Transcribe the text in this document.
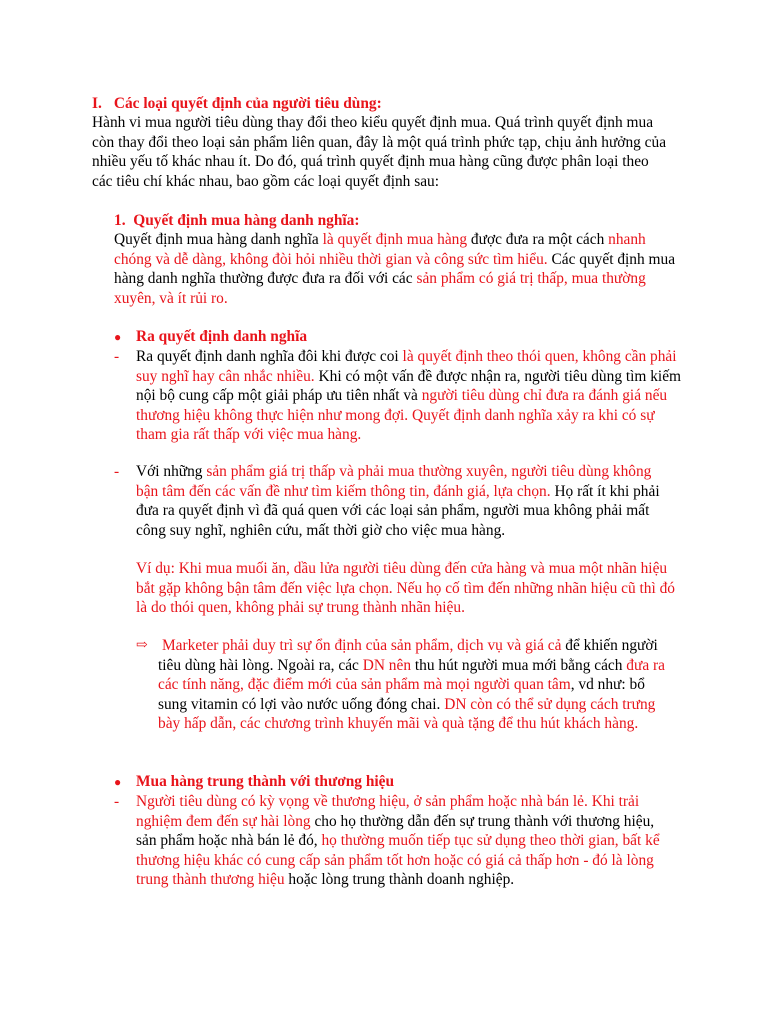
I. Các loại quyết định của người tiêu dùng:

Hành vi mua người tiêu dùng thay đổi theo kiểu quyết định mua. Quá trình quyết định mua còn thay đổi theo loại sản phẩm liên quan, đây là một quá trình phức tạp, chịu ảnh hưởng của nhiều yếu tố khác nhau ít. Do đó, quá trình quyết định mua hàng cũng được phân loại theo các tiêu chí khác nhau, bao gồm các loại quyết định sau:

1. Quyết định mua hàng danh nghĩa:

Quyết định mua hàng danh nghĩa là quyết định mua hàng được đưa ra một cách nhanh chóng và dễ dàng, không đòi hỏi nhiều thời gian và công sức tìm hiểu. Các quyết định mua hàng danh nghĩa thường được đưa ra đối với các sản phẩm có giá trị thấp, mua thường xuyên, và ít rủi ro.

● Ra quyết định danh nghĩa
- Ra quyết định danh nghĩa đôi khi được coi là quyết định theo thói quen, không cần phải suy nghĩ hay cân nhắc nhiều. Khi có một vấn đề được nhận ra, người tiêu dùng tìm kiếm nội bộ cung cấp một giải pháp ưu tiên nhất và người tiêu dùng chỉ đưa ra đánh giá nếu thương hiệu không thực hiện như mong đợi. Quyết định danh nghĩa xảy ra khi có sự tham gia rất thấp với việc mua hàng.

- Với những sản phẩm giá trị thấp và phải mua thường xuyên, người tiêu dùng không bận tâm đến các vấn đề như tìm kiếm thông tin, đánh giá, lựa chọn. Họ rất ít khi phải đưa ra quyết định vì đã quá quen với các loại sản phẩm, người mua không phải mất công suy nghĩ, nghiên cứu, mất thời giờ cho việc mua hàng.

Ví dụ: Khi mua muối ăn, dầu lửa người tiêu dùng đến cửa hàng và mua một nhãn hiệu bắt gặp không bận tâm đến việc lựa chọn. Nếu họ cố tìm đến những nhãn hiệu cũ thì đó là do thói quen, không phải sự trung thành nhãn hiệu.

⇨ Marketer phải duy trì sự ổn định của sản phẩm, dịch vụ và giá cả để khiến người tiêu dùng hài lòng. Ngoài ra, các DN nên thu hút người mua mới bằng cách đưa ra các tính năng, đặc điểm mới của sản phẩm mà mọi người quan tâm, vd như: bổ sung vitamin có lợi vào nước uống đóng chai. DN còn có thể sử dụng cách trưng bày hấp dẫn, các chương trình khuyến mãi và quà tặng để thu hút khách hàng.

● Mua hàng trung thành với thương hiệu
- Người tiêu dùng có kỳ vọng về thương hiệu, ở sản phẩm hoặc nhà bán lẻ. Khi trải nghiệm đem đến sự hài lòng cho họ thường dẫn đến sự trung thành với thương hiệu, sản phẩm hoặc nhà bán lẻ đó, họ thường muốn tiếp tục sử dụng theo thời gian, bất kể thương hiệu khác có cung cấp sản phẩm tốt hơn hoặc có giá cả thấp hơn - đó là lòng trung thành thương hiệu hoặc lòng trung thành doanh nghiệp.
